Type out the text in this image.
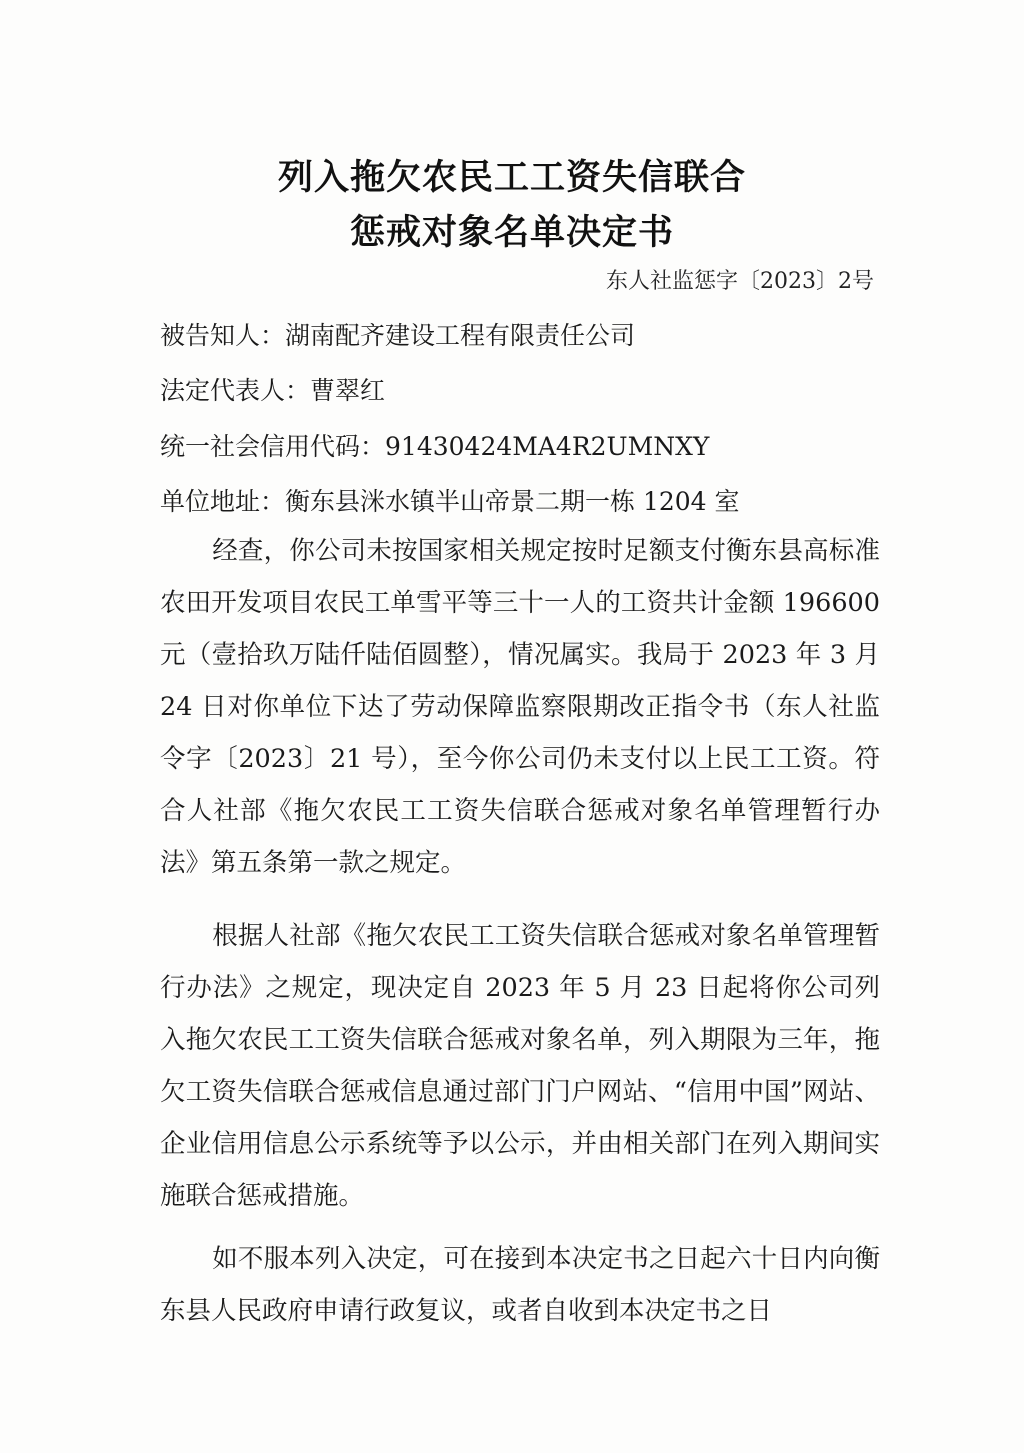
列入拖欠农民工工资失信联合
惩戒对象名单决定书
东人社监惩字〔2023〕2号
被告知人：湖南配齐建设工程有限责任公司
法定代表人：曹翠红
统一社会信用代码：91430424MA4R2UMNXY
单位地址：衡东县洣水镇半山帝景二期一栋 1204 室
经查，你公司未按国家相关规定按时足额支付衡东县高标准农田开发项目农民工单雪平等三十一人的工资共计金额 196600 元（壹拾玖万陆仟陆佰圆整），情况属实。我局于 2023 年 3 月 24 日对你单位下达了劳动保障监察限期改正指令书（东人社监令字〔2023〕21 号），至今你公司仍未支付以上民工工资。符合人社部《拖欠农民工工资失信联合惩戒对象名单管理暂行办法》第五条第一款之规定。
根据人社部《拖欠农民工工资失信联合惩戒对象名单管理暂行办法》之规定，现决定自 2023 年 5 月 23 日起将你公司列入拖欠农民工工资失信联合惩戒对象名单，列入期限为三年，拖欠工资失信联合惩戒信息通过部门门户网站、“信用中国”网站、企业信用信息公示系统等予以公示，并由相关部门在列入期间实施联合惩戒措施。
如不服本列入决定，可在接到本决定书之日起六十日内向衡东县人民政府申请行政复议，或者自收到本决定书之日
